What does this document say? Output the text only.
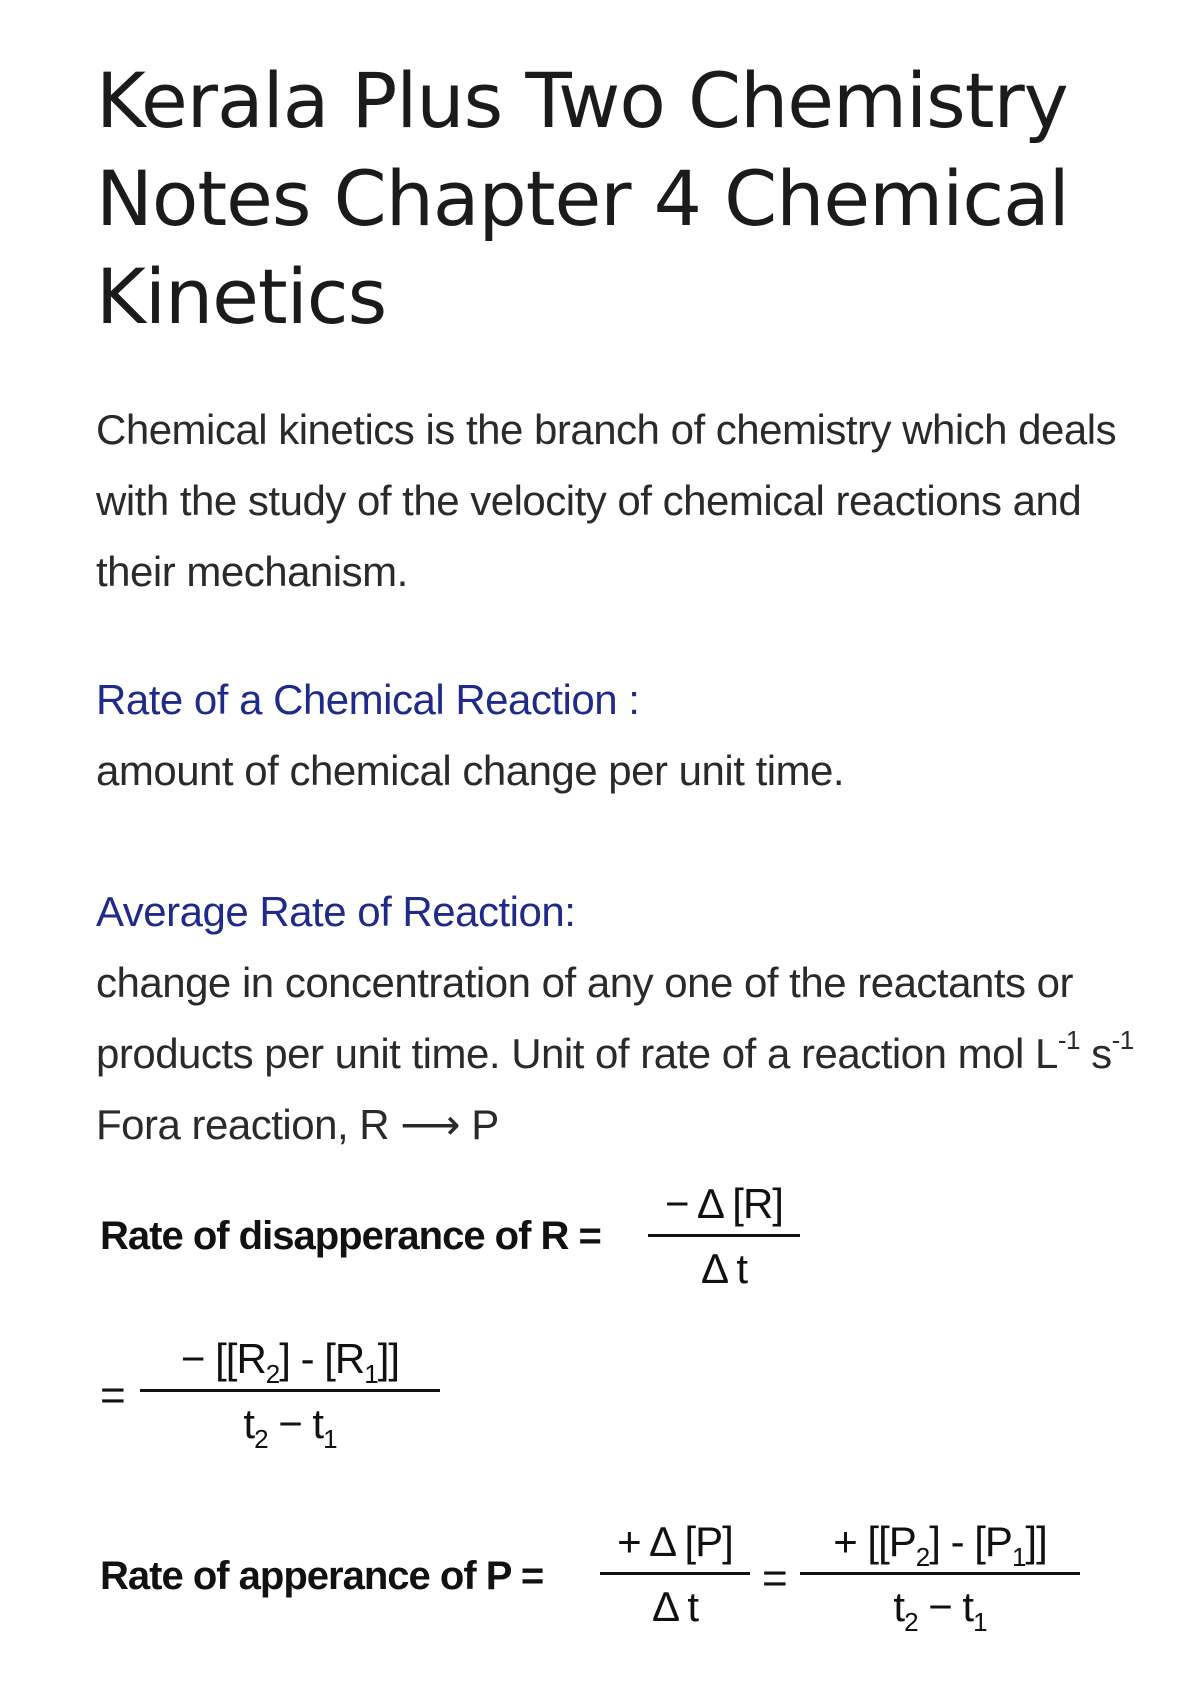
Kerala Plus Two Chemistry Notes Chapter 4 Chemical Kinetics

Chemical kinetics is the branch of chemistry which deals with the study of the velocity of chemical reactions and their mechanism.

Rate of a Chemical Reaction :

amount of chemical change per unit time.

Average Rate of Reaction:

change in concentration of any one of the reactants or products per unit time. Unit of rate of a reaction mol $L^{-1}$ $s^{-1}$ Fora reaction, R ⟶ P

Rate of disapperance of R =
− Δ [R]
Δ t
=
− $[[R_2] - [R_1]]$
$t_2 - t_1$
Rate of apperance of P =
+ Δ [P]
Δ t
=
+ $[[P_2] - [P_1]]$
$t_2 - t_1$
